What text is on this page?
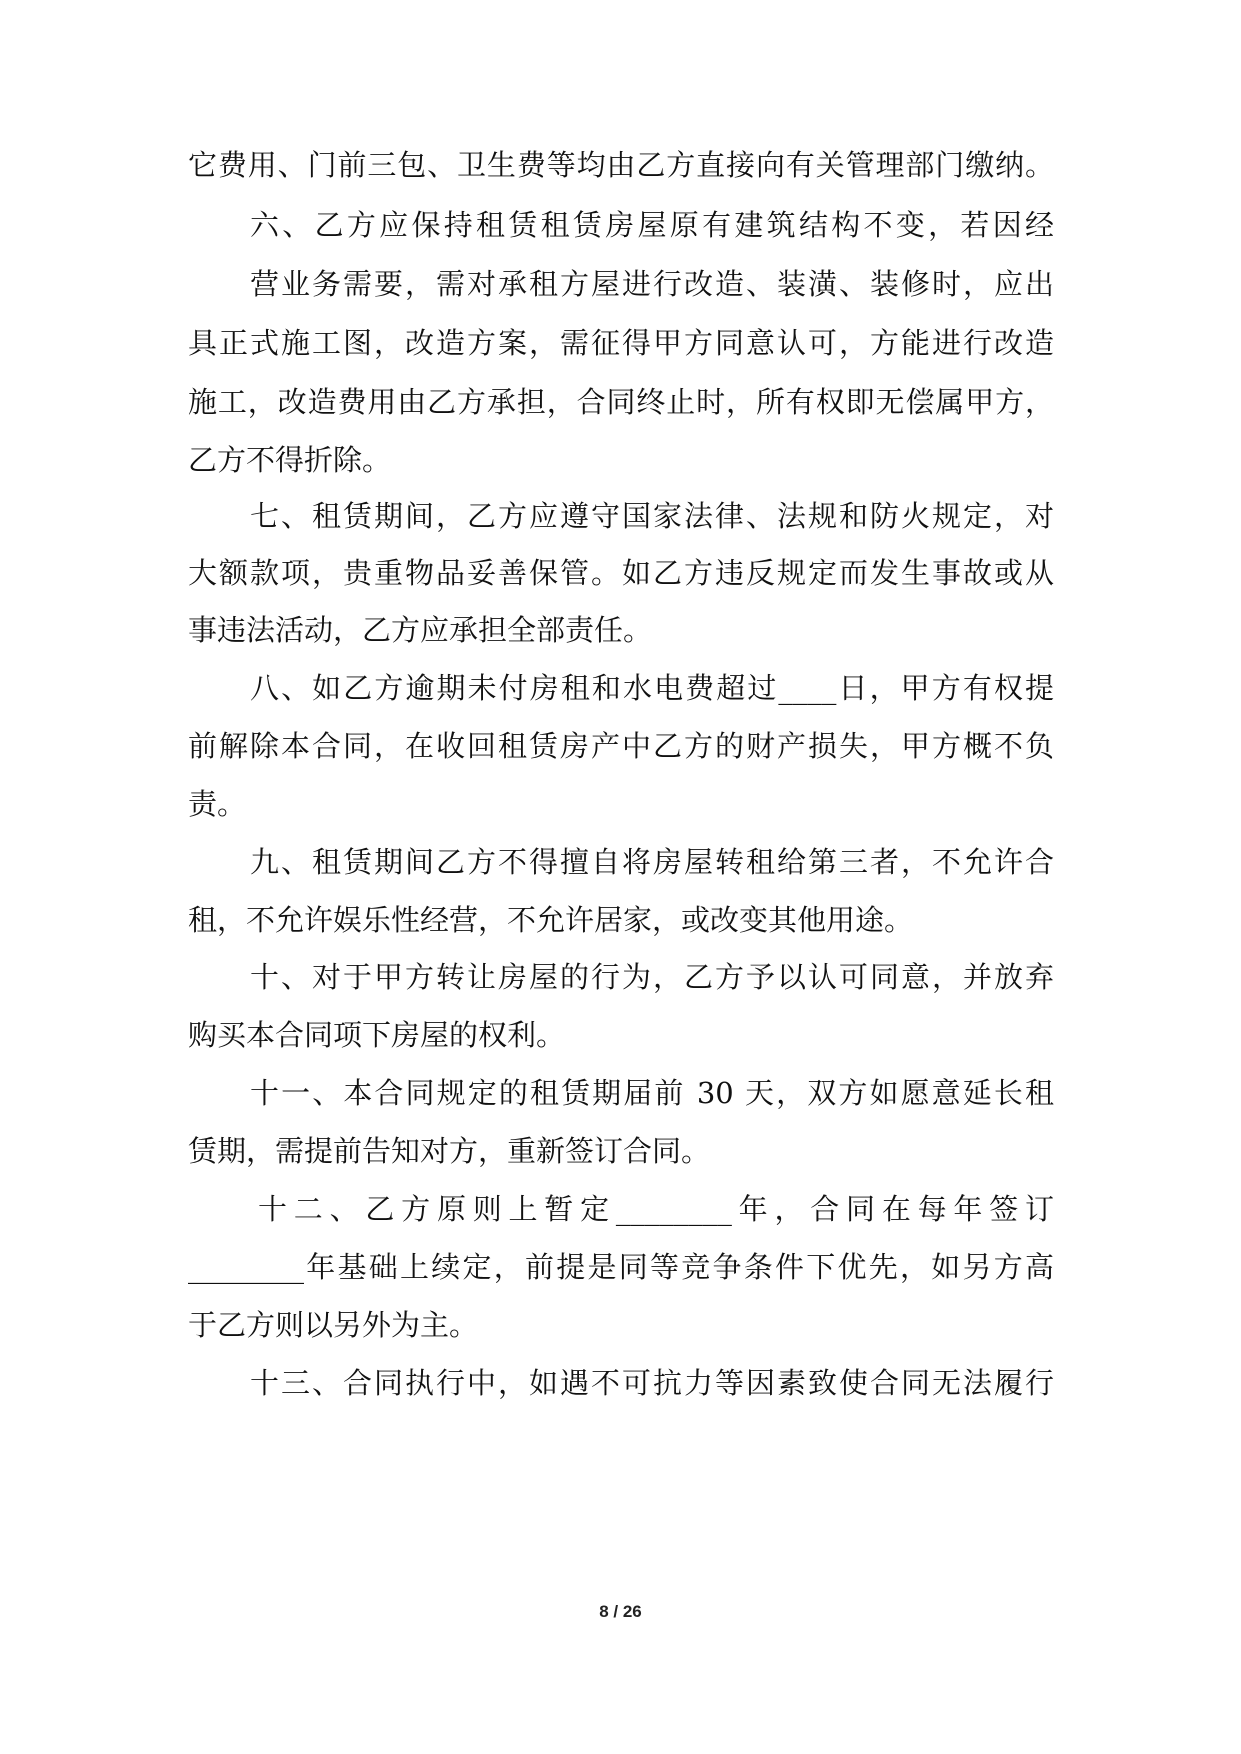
它费用、门前三包、卫生费等均由乙方直接向有关管理部门缴纳。

六、乙方应保持租赁租赁房屋原有建筑结构不变，若因经

营业务需要，需对承租方屋进行改造、装潢、装修时，应出

具正式施工图，改造方案，需征得甲方同意认可，方能进行改造

施工，改造费用由乙方承担，合同终止时，所有权即无偿属甲方，

乙方不得折除。

七、租赁期间，乙方应遵守国家法律、法规和防火规定，对

大额款项，贵重物品妥善保管。如乙方违反规定而发生事故或从

事违法活动，乙方应承担全部责任。

八、如乙方逾期未付房租和水电费超过____日，甲方有权提

前解除本合同，在收回租赁房产中乙方的财产损失，甲方概不负

责。

九、租赁期间乙方不得擅自将房屋转租给第三者，不允许合

租，不允许娱乐性经营，不允许居家，或改变其他用途。

十、对于甲方转让房屋的行为，乙方予以认可同意，并放弃

购买本合同项下房屋的权利。

十一、本合同规定的租赁期届前 30 天，双方如愿意延长租

赁期，需提前告知对方，重新签订合同。

十二、乙方原则上暂定________年，合同在每年签订

________年基础上续定，前提是同等竞争条件下优先，如另方高

于乙方则以另外为主。

十三、合同执行中，如遇不可抗力等因素致使合同无法履行

8 / 26
